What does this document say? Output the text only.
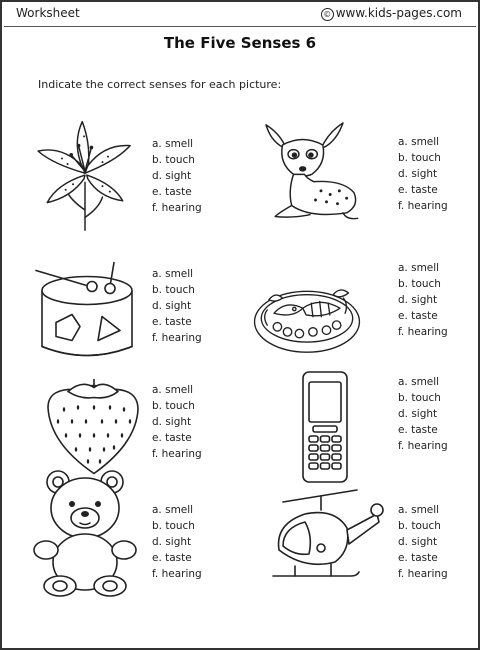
Worksheet	© www.kids-pages.com
The Five Senses 6
Indicate the correct senses for each picture:
a. smell
b. touch
d. sight
e. taste
f. hearing
a. smell
b. touch
d. sight
e. taste
f. hearing
a. smell
b. touch
d. sight
e. taste
f. hearing
a. smell
b. touch
d. sight
e. taste
f. hearing
a. smell
b. touch
d. sight
e. taste
f. hearing
a. smell
b. touch
d. sight
e. taste
f. hearing
a. smell
b. touch
d. sight
e. taste
f. hearing
a. smell
b. touch
d. sight
e. taste
f. hearing
